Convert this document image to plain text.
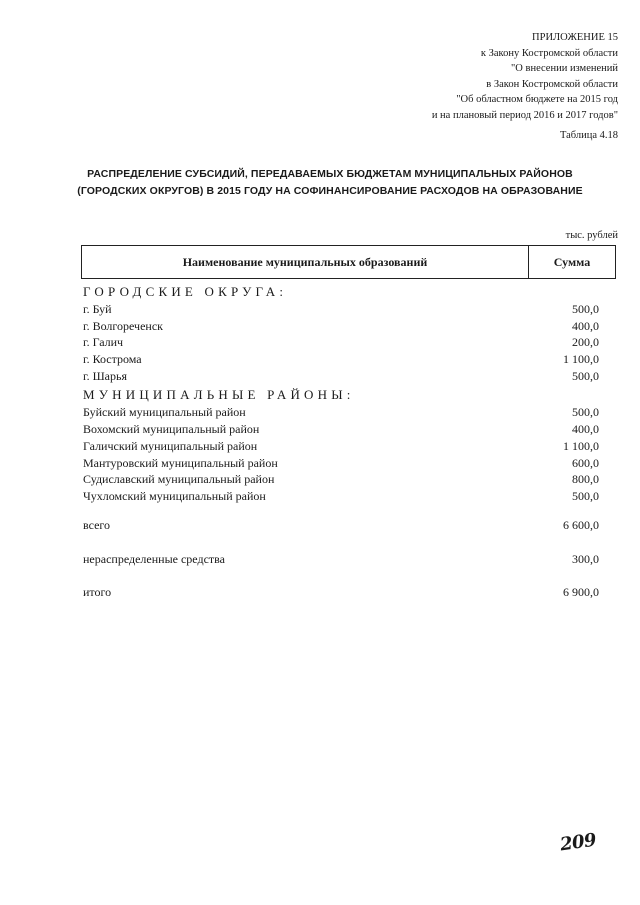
ПРИЛОЖЕНИЕ 15
к Закону Костромской области
"О внесении изменений
в Закон Костромской области
"Об областном бюджете на 2015 год
и на плановый период 2016 и 2017 годов"
Таблица 4.18
РАСПРЕДЕЛЕНИЕ СУБСИДИЙ, ПЕРЕДАВАЕМЫХ БЮДЖЕТАМ МУНИЦИПАЛЬНЫХ РАЙОНОВ
(ГОРОДСКИХ ОКРУГОВ) В 2015 ГОДУ НА СОФИНАНСИРОВАНИЕ РАСХОДОВ НА ОБРАЗОВАНИЕ
тыс. рублей
Наименование муниципальных образований	Сумма
ГОРОДСКИЕ ОКРУГА:
г. Буй	500,0
г. Волгореченск	400,0
г. Галич	200,0
г. Кострома	1 100,0
г. Шарья	500,0
МУНИЦИПАЛЬНЫЕ РАЙОНЫ:
Буйский муниципальный район	500,0
Вохомский муниципальный район	400,0
Галичский муниципальный район	1 100,0
Мантуровский муниципальный район	600,0
Судиславский муниципальный район	800,0
Чухломский муниципальный район	500,0
всего	6 600,0
нераспределенные средства	300,0
итого	6 900,0
209
